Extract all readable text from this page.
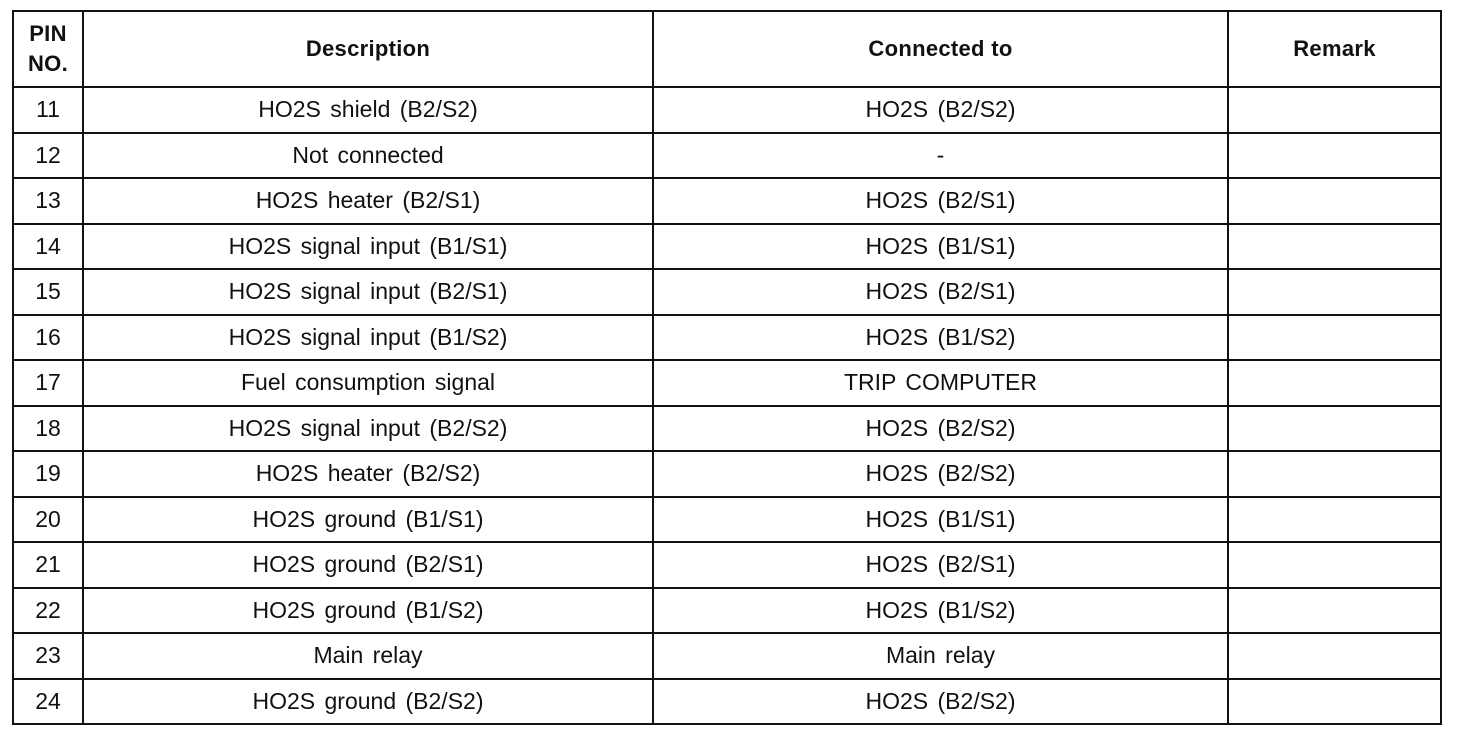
PIN
NO.	Description	Connected to	Remark
11	HO2S shield (B2/S2)	HO2S (B2/S2)	
12	Not connected	-	
13	HO2S heater (B2/S1)	HO2S (B2/S1)	
14	HO2S signal input (B1/S1)	HO2S (B1/S1)	
15	HO2S signal input (B2/S1)	HO2S (B2/S1)	
16	HO2S signal input (B1/S2)	HO2S (B1/S2)	
17	Fuel consumption signal	TRIP COMPUTER	
18	HO2S signal input (B2/S2)	HO2S (B2/S2)	
19	HO2S heater (B2/S2)	HO2S (B2/S2)	
20	HO2S ground (B1/S1)	HO2S (B1/S1)	
21	HO2S ground (B2/S1)	HO2S (B2/S1)	
22	HO2S ground (B1/S2)	HO2S (B1/S2)	
23	Main relay	Main relay	
24	HO2S ground (B2/S2)	HO2S (B2/S2)	
